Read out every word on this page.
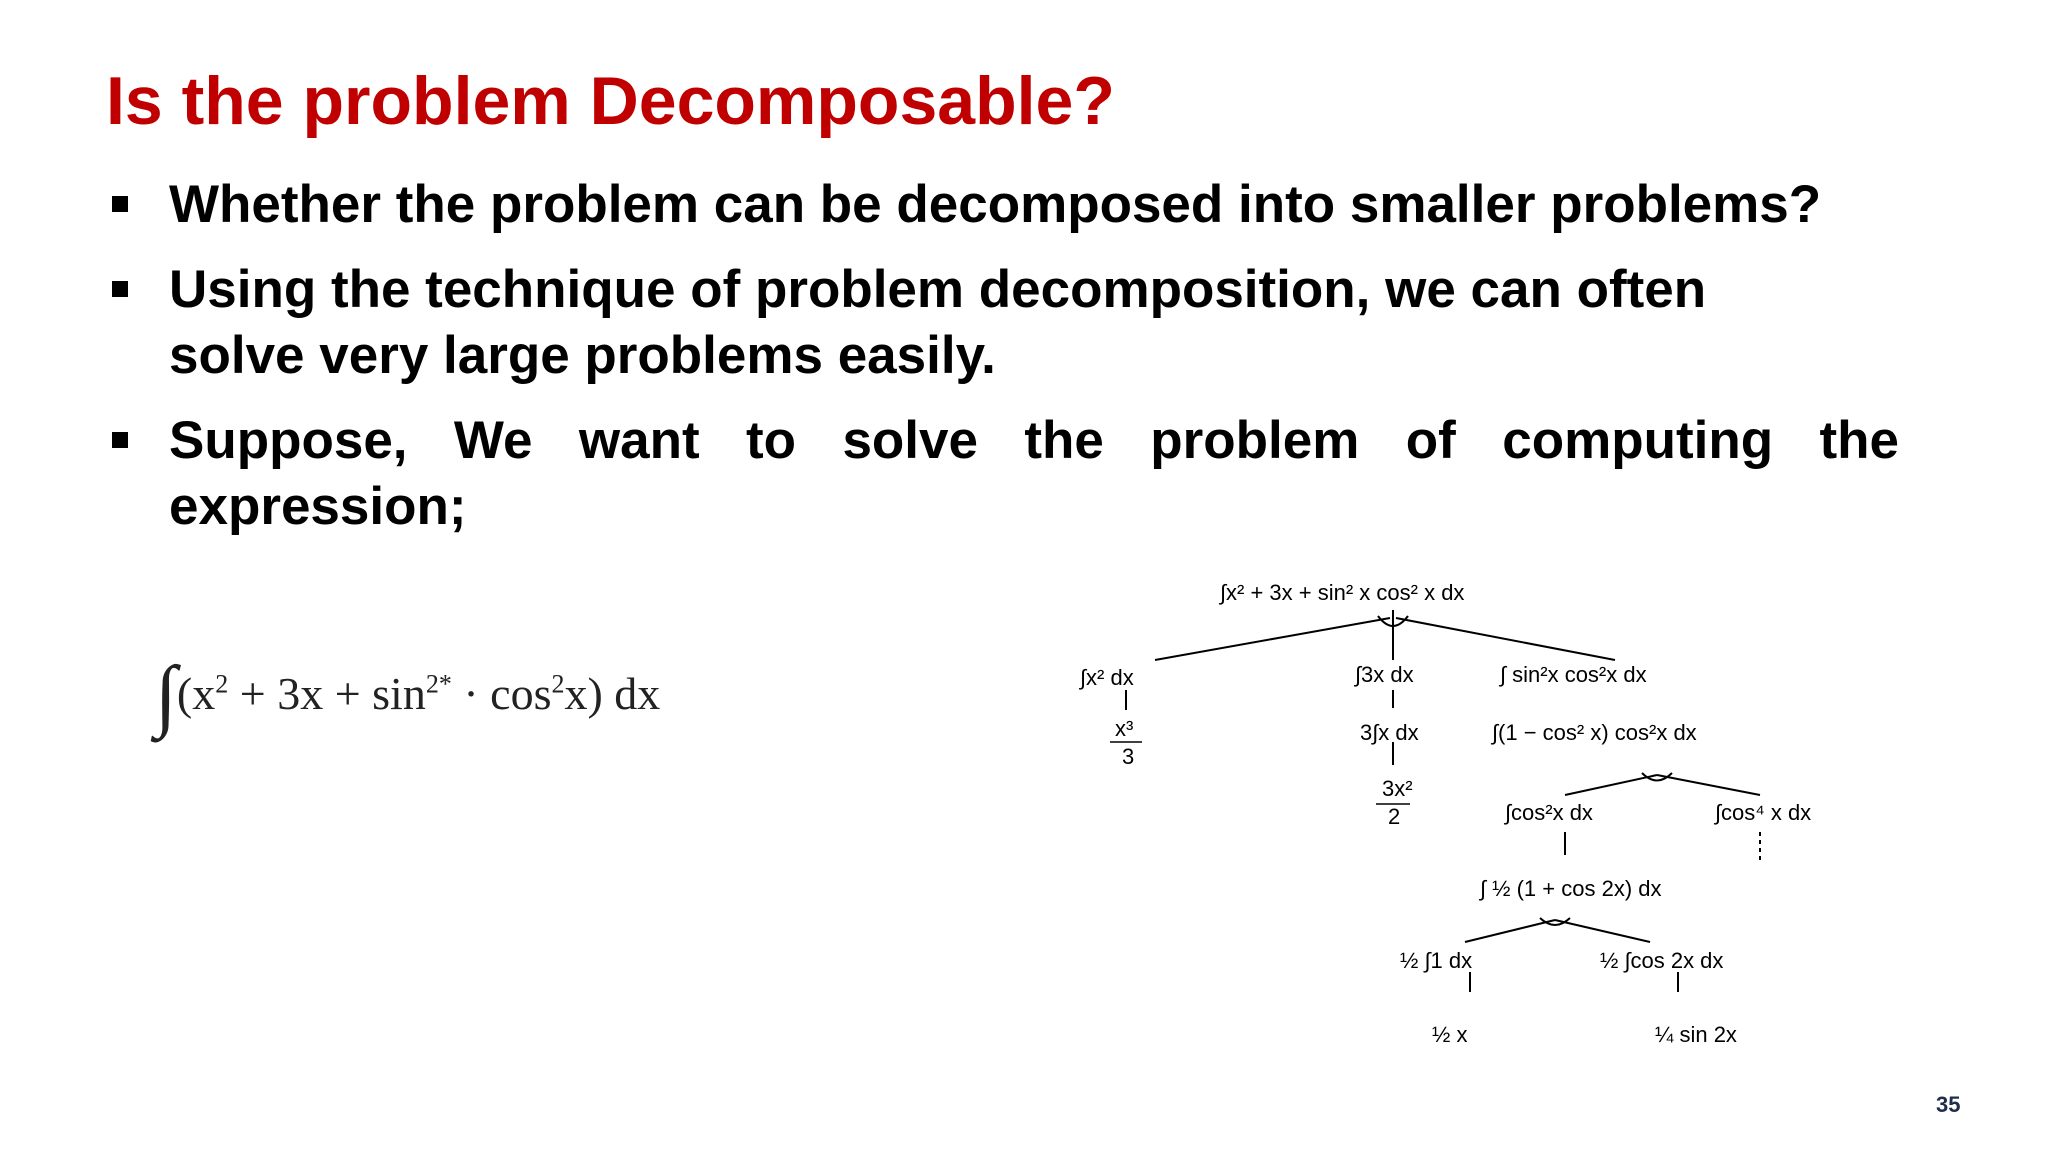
Is the problem Decomposable?
Whether the problem can be decomposed into smaller problems?
Using the technique of problem decomposition, we can often solve very large problems easily.
Suppose, We want to solve the problem of computing the expression;
$\int(x^2 + 3x + \sin^{2*} \cdot \cos^2x)$ dx
∫x² + 3x + sin² x cos² x dx
∫x² dx
x³
3
∫3x dx
3∫x dx
3x²
2
∫ sin²x cos²x dx
∫(1 − cos² x) cos²x dx
∫cos²x dx	∫cos⁴ x dx
∫ ½ (1 + cos 2x) dx
½ ∫1 dx
½ x
½ ∫cos 2x dx
¼ sin 2x
35
